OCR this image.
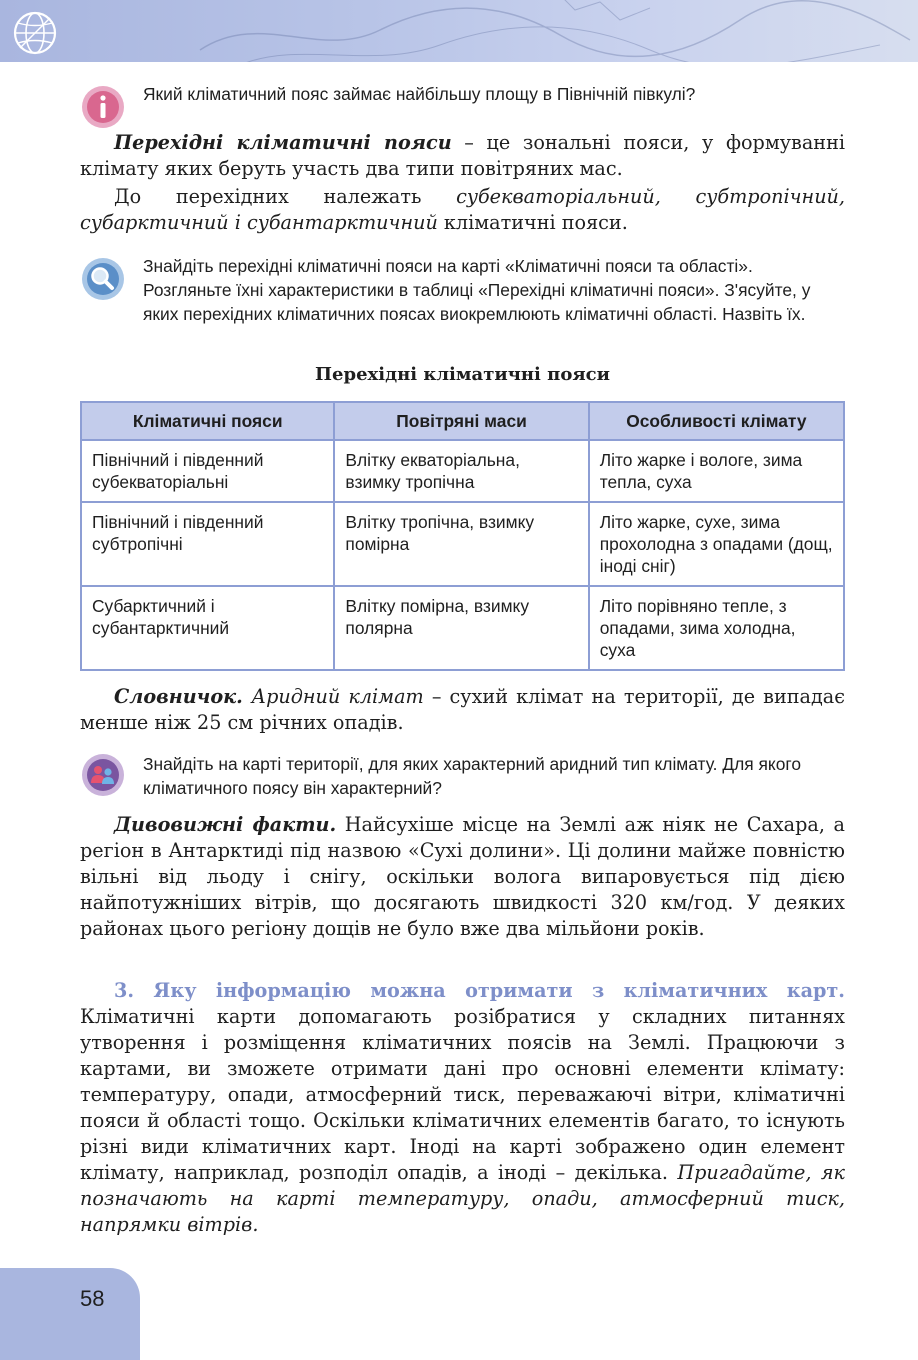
Який кліматичний пояс займає найбільшу площу в Північній півкулі?
Перехідні кліматичні пояси – це зональні пояси, у формуванні клімату яких беруть участь два типи повітряних мас.
До перехідних належать субекваторіальний, субтропічний, субарктичний і субантарктичний кліматичні пояси.
Знайдіть перехідні кліматичні пояси на карті «Кліматичні пояси та області». Розгляньте їхні характеристики в таблиці «Перехідні кліматичні пояси». З'ясуйте, у яких перехідних кліматичних поясах виокремлюють кліматичні області. Назвіть їх.
Перехідні кліматичні пояси
Кліматичні пояси	Повітряні маси	Особливості клімату
Північний і південний субекваторіальні	Влітку екваторіальна, взимку тропічна	Літо жарке і вологе, зима тепла, суха
Північний і південний субтропічні	Влітку тропічна, взимку помірна	Літо жарке, сухе, зима прохолодна з опадами (дощ, іноді сніг)
Субарктичний і субантарктичний	Влітку помірна, взимку полярна	Літо порівняно тепле, з опадами, зима холодна, суха
Словничок. Аридний клімат – сухий клімат на території, де випадає менше ніж 25 см річних опадів.
Знайдіть на карті території, для яких характерний аридний тип клімату. Для якого кліматичного поясу він характерний?
Дивовижні факти. Найсухіше місце на Землі аж ніяк не Сахара, а регіон в Антарктиді під назвою «Сухі долини». Ці долини майже повністю вільні від льоду і снігу, оскільки волога випаровується під дією найпотужніших вітрів, що досягають швидкості 320 км/год. У деяких районах цього регіону дощів не було вже два мільйони років.
3. Яку інформацію можна отримати з кліматичних карт. Кліматичні карти допомагають розібратися у складних питаннях утворення і розміщення кліматичних поясів на Землі. Працюючи з картами, ви зможете отримати дані про основні елементи клімату: температуру, опади, атмосферний тиск, переважаючі вітри, кліматичні пояси й області тощо. Оскільки кліматичних елементів багато, то існують різні види кліматичних карт. Іноді на карті зображено один елемент клімату, наприклад, розподіл опадів, а іноді – декілька. Пригадайте, як позначають на карті температуру, опади, атмосферний тиск, напрямки вітрів.
58
